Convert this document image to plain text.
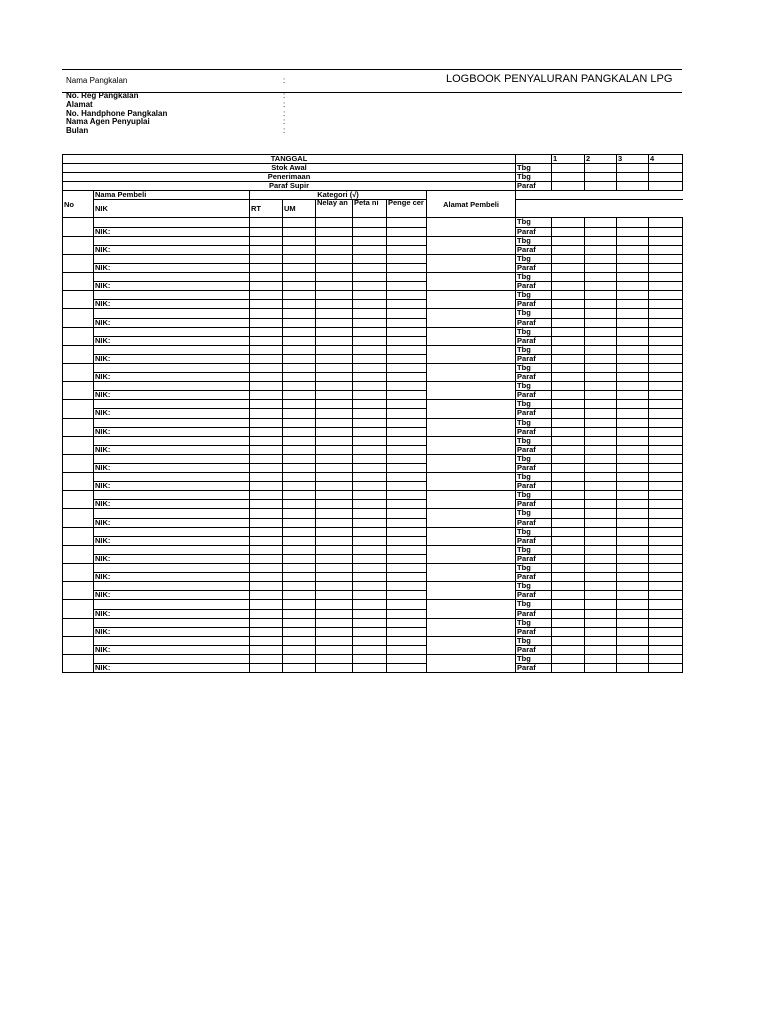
Nama Pangkalan	:	LOGBOOK PENYALURAN PANGKALAN LPG
No. Reg Pangkalan	:
Alamat	:
No. Handphone Pangkalan	:
Nama Agen Penyuplai	:
Bulan	:
TANGGAL									1	2	3	4
Stok Awal								Tbg				
Penerimaan								Tbg				
Paraf Supir								Paraf				
No	Nama Pembeli	Kategori (√)					Alamat Pembeli					
	NIK	RT	UM	Nelay an	Peta ni	Penge cer						
								Tbg				
	NIK:							Paraf				
								Tbg				
	NIK:							Paraf				
								Tbg				
	NIK:							Paraf				
								Tbg				
	NIK:							Paraf				
								Tbg				
	NIK:							Paraf				
								Tbg				
	NIK:							Paraf				
								Tbg				
	NIK:							Paraf				
								Tbg				
	NIK:							Paraf				
								Tbg				
	NIK:							Paraf				
								Tbg				
	NIK:							Paraf				
								Tbg				
	NIK:							Paraf				
								Tbg				
	NIK:							Paraf				
								Tbg				
	NIK:							Paraf				
								Tbg				
	NIK:							Paraf				
								Tbg				
	NIK:							Paraf				
								Tbg				
	NIK:							Paraf				
								Tbg				
	NIK:							Paraf				
								Tbg				
	NIK:							Paraf				
								Tbg				
	NIK:							Paraf				
								Tbg				
	NIK:							Paraf				
								Tbg				
	NIK:							Paraf				
								Tbg				
	NIK:							Paraf				
								Tbg				
	NIK:							Paraf				
								Tbg				
	NIK:							Paraf				
								Tbg				
	NIK:							Paraf				
